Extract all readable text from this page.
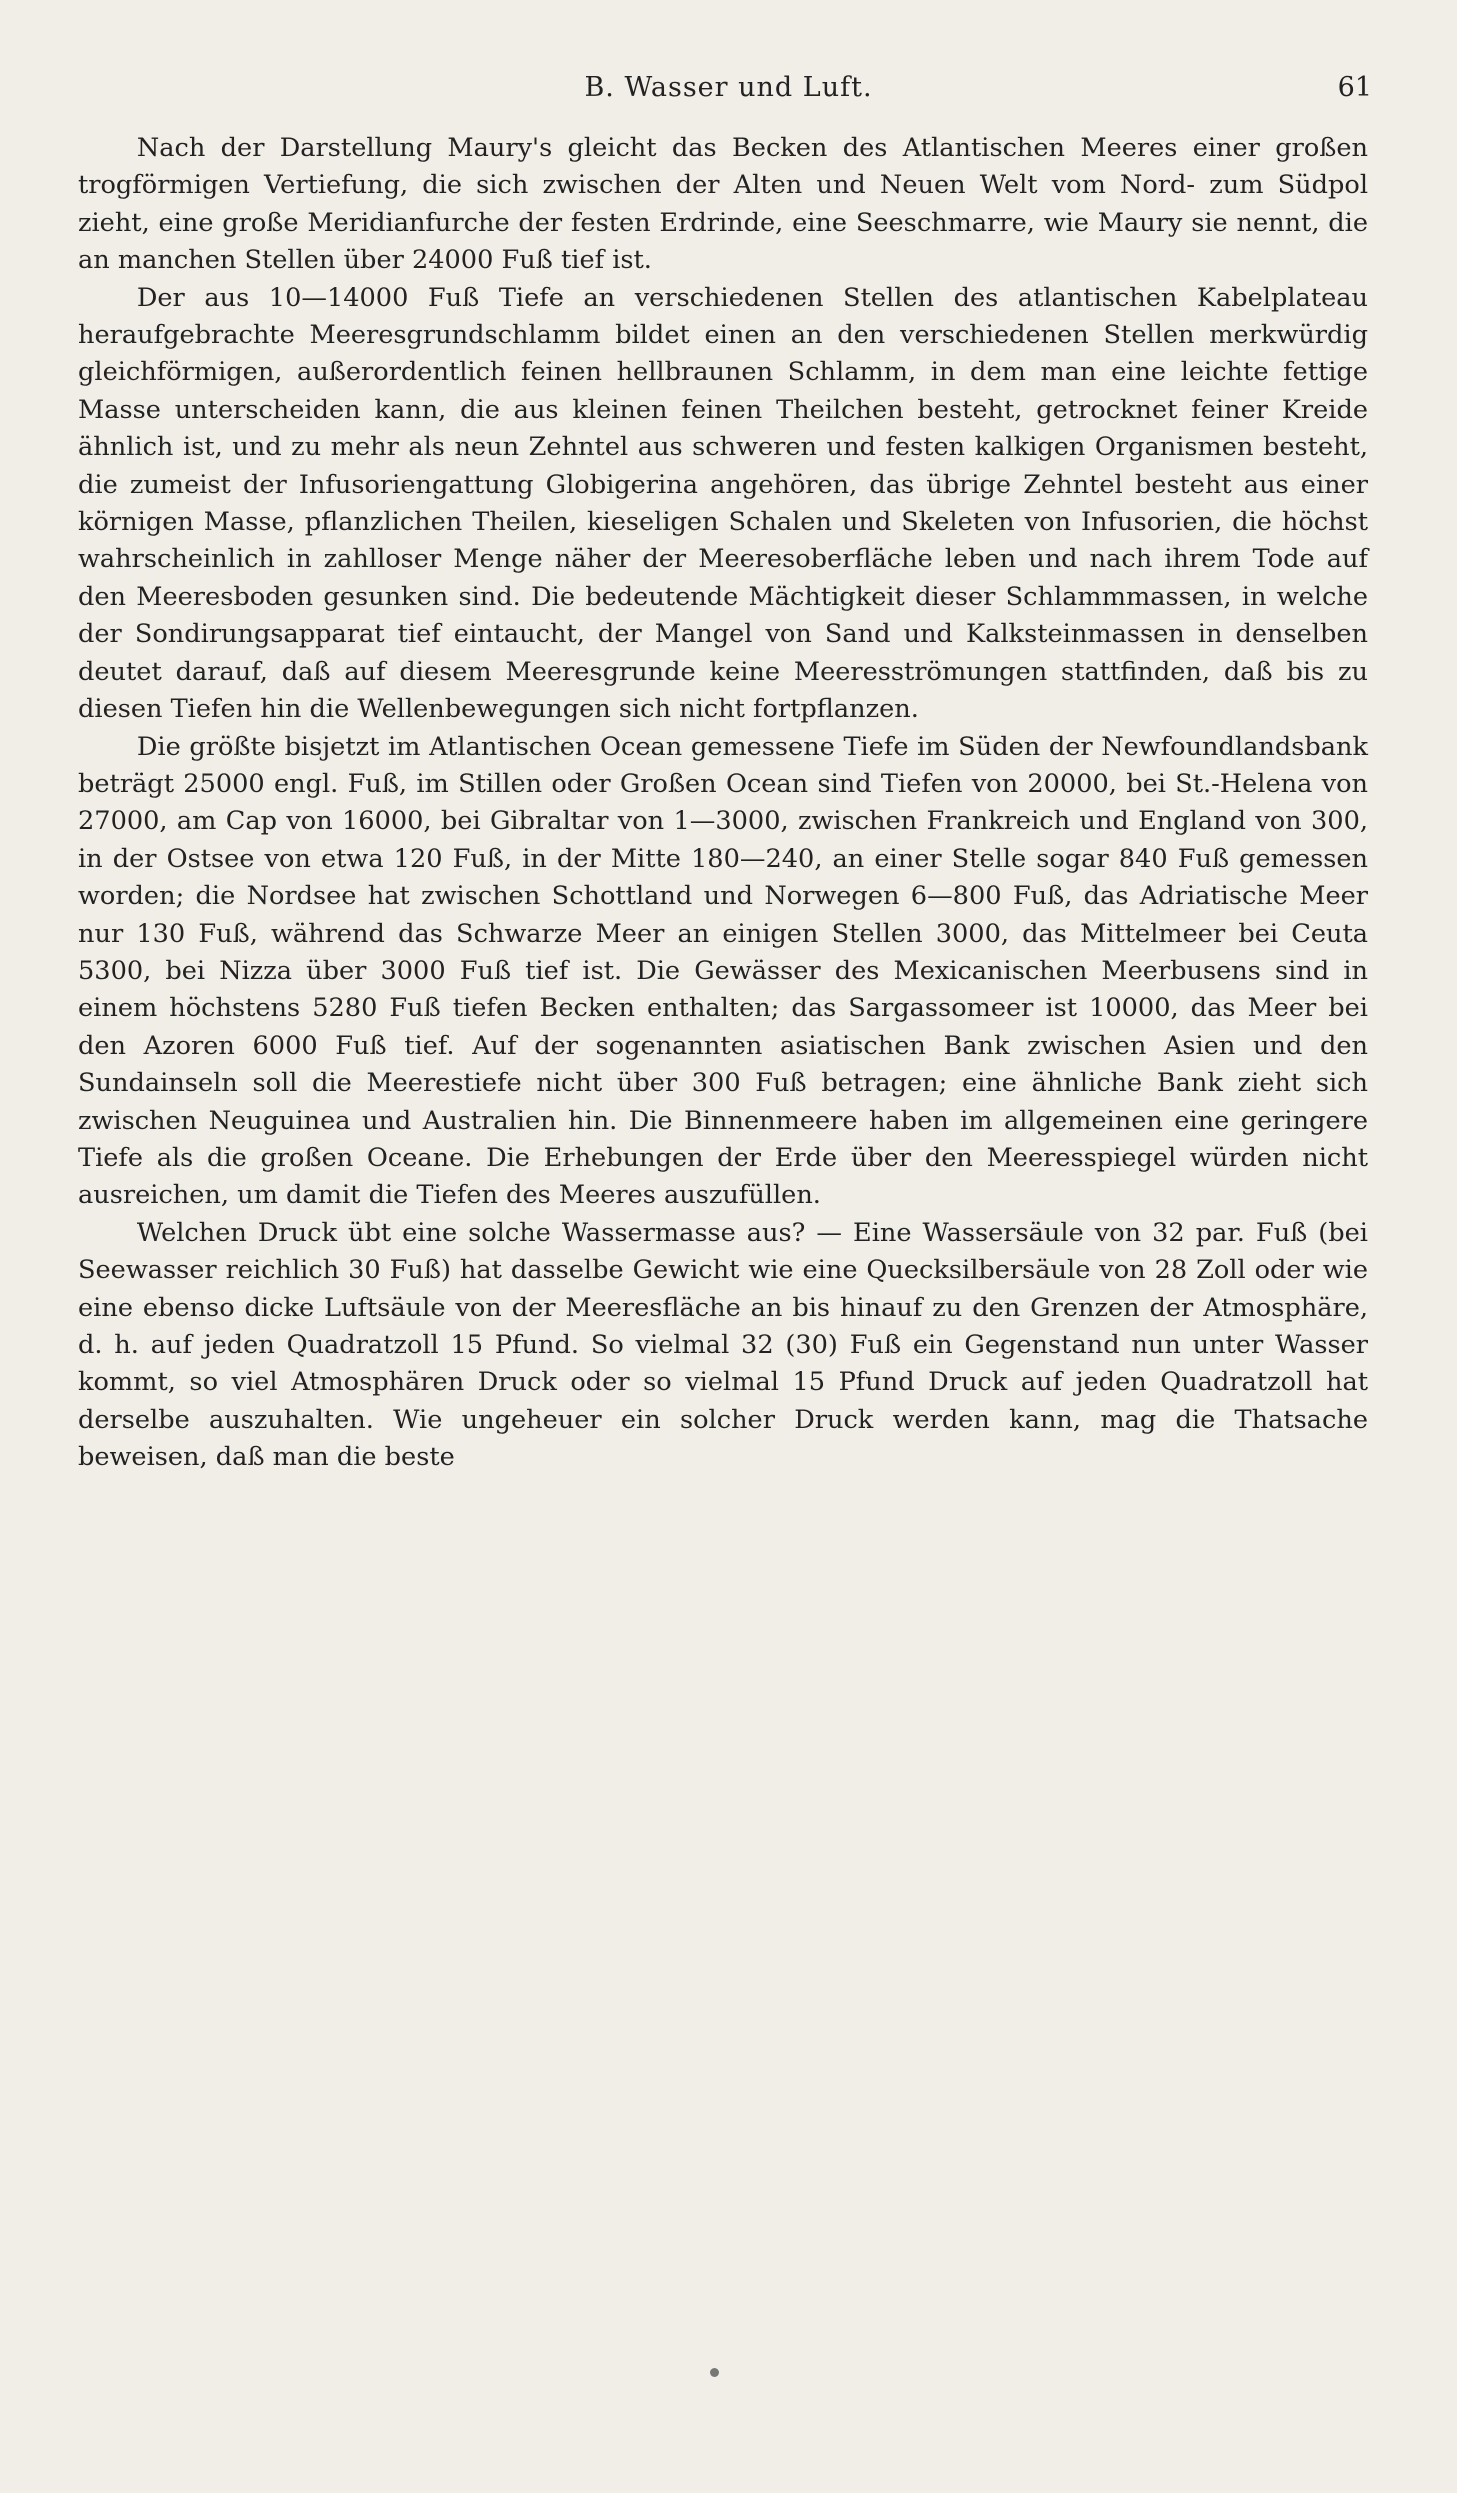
B. Wasser und Luft.	61

Nach der Darstellung Maury's gleicht das Becken des Atlantischen Meeres einer großen trogförmigen Vertiefung, die sich zwischen der Alten und Neuen Welt vom Nord- zum Südpol zieht, eine große Meridianfurche der festen Erdrinde, eine Seeschmarre, wie Maury sie nennt, die an manchen Stellen über 24000 Fuß tief ist.

Der aus 10—14000 Fuß Tiefe an verschiedenen Stellen des atlantischen Kabelplateau heraufgebrachte Meeresgrundschlamm bildet einen an den verschiedenen Stellen merkwürdig gleichförmigen, außerordentlich feinen hellbraunen Schlamm, in dem man eine leichte fettige Masse unterscheiden kann, die aus kleinen feinen Theilchen besteht, getrocknet feiner Kreide ähnlich ist, und zu mehr als neun Zehntel aus schweren und festen kalkigen Organismen besteht, die zumeist der Infusoriengattung Globigerina angehören, das übrige Zehntel besteht aus einer körnigen Masse, pflanzlichen Theilen, kieseligen Schalen und Skeleten von Infusorien, die höchst wahrscheinlich in zahlloser Menge näher der Meeresoberfläche leben und nach ihrem Tode auf den Meeresboden gesunken sind. Die bedeutende Mächtigkeit dieser Schlammmassen, in welche der Sondirungsapparat tief eintaucht, der Mangel von Sand und Kalksteinmassen in denselben deutet darauf, daß auf diesem Meeresgrunde keine Meeresströmungen stattfinden, daß bis zu diesen Tiefen hin die Wellenbewegungen sich nicht fortpflanzen.

Die größte bisjetzt im Atlantischen Ocean gemessene Tiefe im Süden der Newfoundlandsbank beträgt 25000 engl. Fuß, im Stillen oder Großen Ocean sind Tiefen von 20000, bei St.-Helena von 27000, am Cap von 16000, bei Gibraltar von 1—3000, zwischen Frankreich und England von 300, in der Ostsee von etwa 120 Fuß, in der Mitte 180—240, an einer Stelle sogar 840 Fuß gemessen worden; die Nordsee hat zwischen Schottland und Norwegen 6—800 Fuß, das Adriatische Meer nur 130 Fuß, während das Schwarze Meer an einigen Stellen 3000, das Mittelmeer bei Ceuta 5300, bei Nizza über 3000 Fuß tief ist. Die Gewässer des Mexicanischen Meerbusens sind in einem höchstens 5280 Fuß tiefen Becken enthalten; das Sargassomeer ist 10000, das Meer bei den Azoren 6000 Fuß tief. Auf der sogenannten asiatischen Bank zwischen Asien und den Sundainseln soll die Meerestiefe nicht über 300 Fuß betragen; eine ähnliche Bank zieht sich zwischen Neuguinea und Australien hin. Die Binnenmeere haben im allgemeinen eine geringere Tiefe als die großen Oceane. Die Erhebungen der Erde über den Meeresspiegel würden nicht ausreichen, um damit die Tiefen des Meeres auszufüllen.

Welchen Druck übt eine solche Wassermasse aus? — Eine Wassersäule von 32 par. Fuß (bei Seewasser reichlich 30 Fuß) hat dasselbe Gewicht wie eine Quecksilbersäule von 28 Zoll oder wie eine ebenso dicke Luftsäule von der Meeresfläche an bis hinauf zu den Grenzen der Atmosphäre, d. h. auf jeden Quadratzoll 15 Pfund. So vielmal 32 (30) Fuß ein Gegenstand nun unter Wasser kommt, so viel Atmosphären Druck oder so vielmal 15 Pfund Druck auf jeden Quadratzoll hat derselbe auszuhalten. Wie ungeheuer ein solcher Druck werden kann, mag die Thatsache beweisen, daß man die beste
